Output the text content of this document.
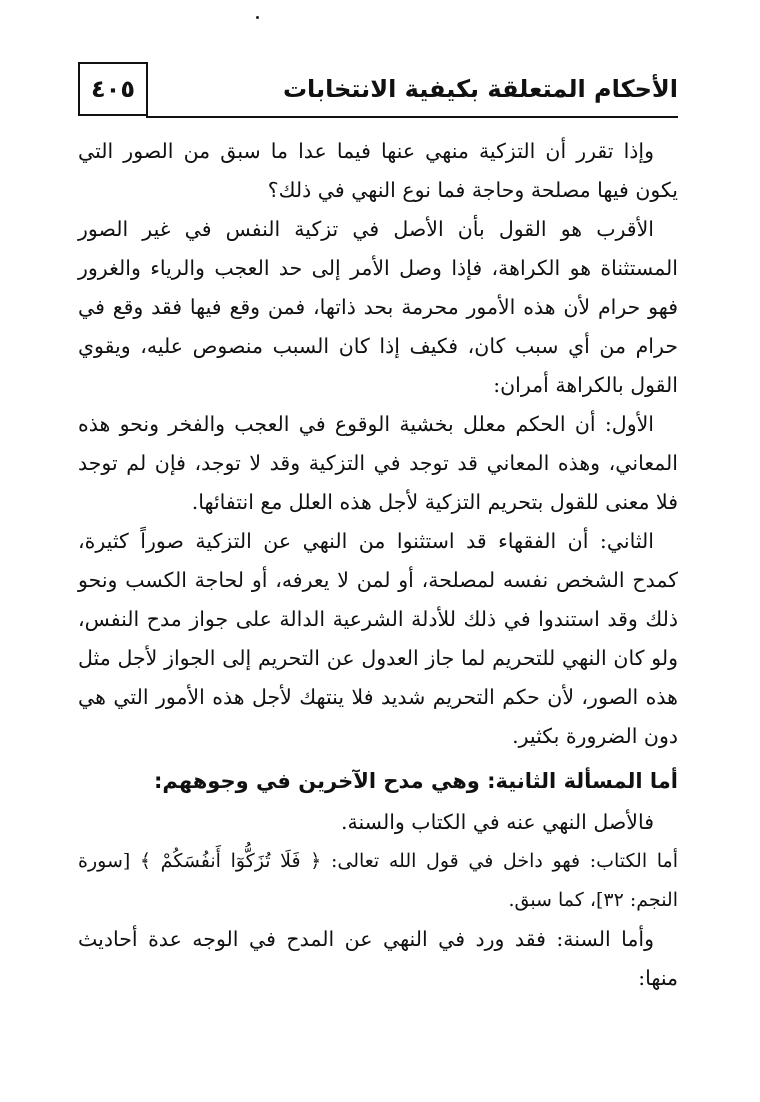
الأحكام المتعلقة بكيفية الانتخابات
٤٠٥

وإذا تقرر أن التزكية منهي عنها فيما عدا ما سبق من الصور التي يكون فيها مصلحة وحاجة فما نوع النهي في ذلك؟

الأقرب هو القول بأن الأصل في تزكية النفس في غير الصور المستثناة هو الكراهة، فإذا وصل الأمر إلى حد العجب والرياء والغرور فهو حرام لأن هذه الأمور محرمة بحد ذاتها، فمن وقع فيها فقد وقع في حرام من أي سبب كان، فكيف إذا كان السبب منصوص عليه، ويقوي القول بالكراهة أمران:

الأول: أن الحكم معلل بخشية الوقوع في العجب والفخر ونحو هذه المعاني، وهذه المعاني قد توجد في التزكية وقد لا توجد، فإن لم توجد فلا معنى للقول بتحريم التزكية لأجل هذه العلل مع انتفائها.

الثاني: أن الفقهاء قد استثنوا من النهي عن التزكية صوراً كثيرة، كمدح الشخص نفسه لمصلحة، أو لمن لا يعرفه، أو لحاجة الكسب ونحو ذلك وقد استندوا في ذلك للأدلة الشرعية الدالة على جواز مدح النفس، ولو كان النهي للتحريم لما جاز العدول عن التحريم إلى الجواز لأجل مثل هذه الصور، لأن حكم التحريم شديد فلا ينتهك لأجل هذه الأمور التي هي دون الضرورة بكثير.

أما المسألة الثانية: وهي مدح الآخرين في وجوههم:

فالأصل النهي عنه في الكتاب والسنة.

أما الكتاب: فهو داخل في قول الله تعالى: ﴿ فَلَا تُزَكُّوٓا أَنفُسَكُمْ ﴾ [سورة النجم: ٣٢]، كما سبق.

وأما السنة: فقد ورد في النهي عن المدح في الوجه عدة أحاديث منها:
